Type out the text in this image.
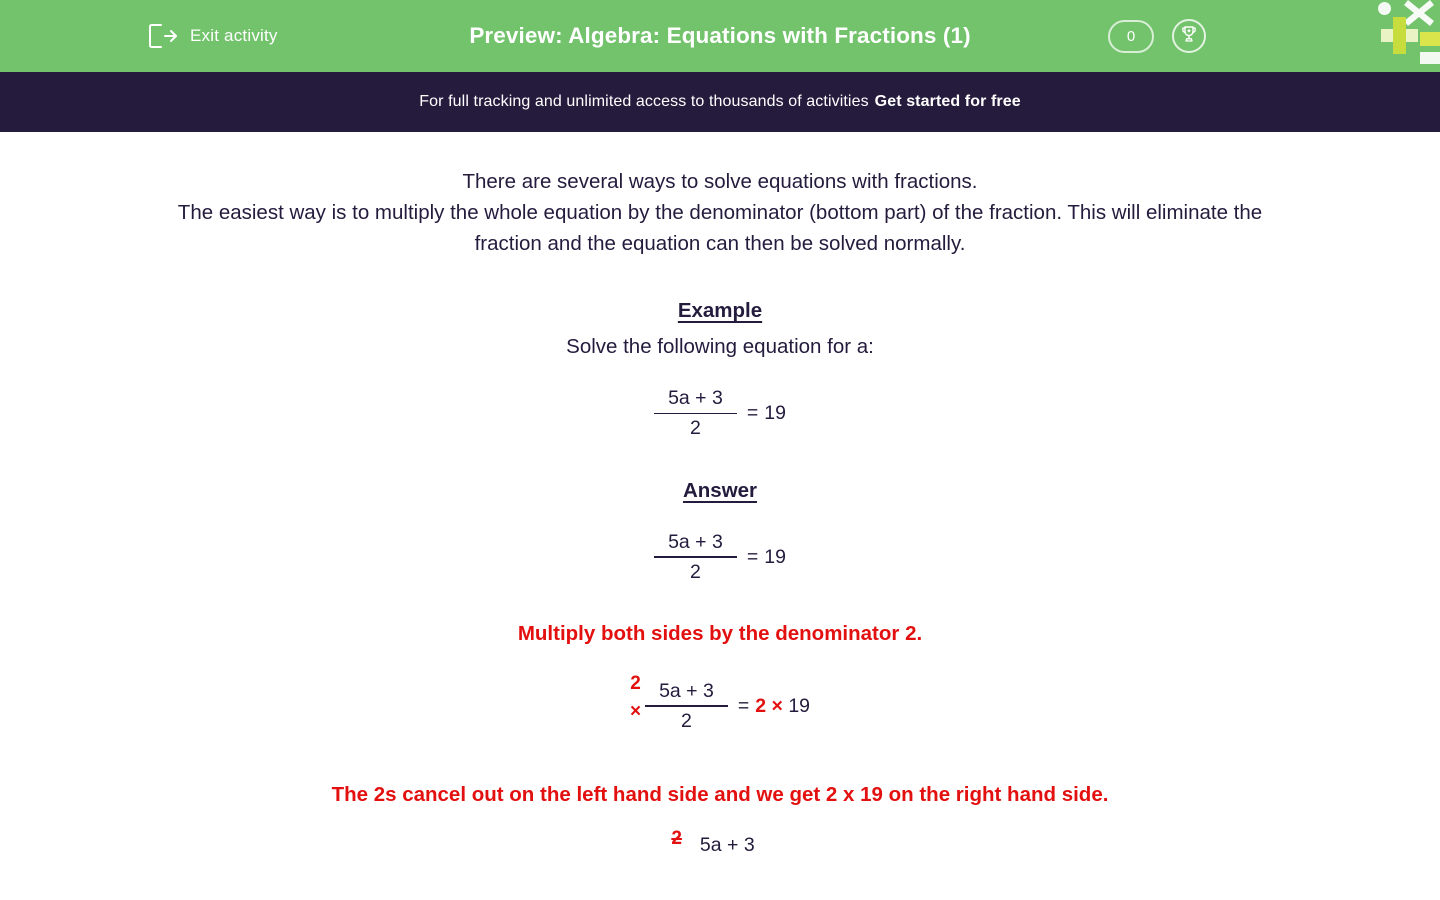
Exit activity	Preview: Algebra: Equations with Fractions (1)	0
For full tracking and unlimited access to thousands of activities Get started for free
There are several ways to solve equations with fractions.
The easiest way is to multiply the whole equation by the denominator (bottom part) of the fraction. This will eliminate the fraction and the equation can then be solved normally.
Example
Solve the following equation for a:
$\frac{5a + 3}{2} = 19$
Answer
$\frac{5a + 3}{2} = 19$
Multiply both sides by the denominator 2.
2
× $\frac{5a + 3}{2} = 2 \times 19$
The 2s cancel out on the left hand side and we get 2 x 19 on the right hand side.
2 5a + 3
